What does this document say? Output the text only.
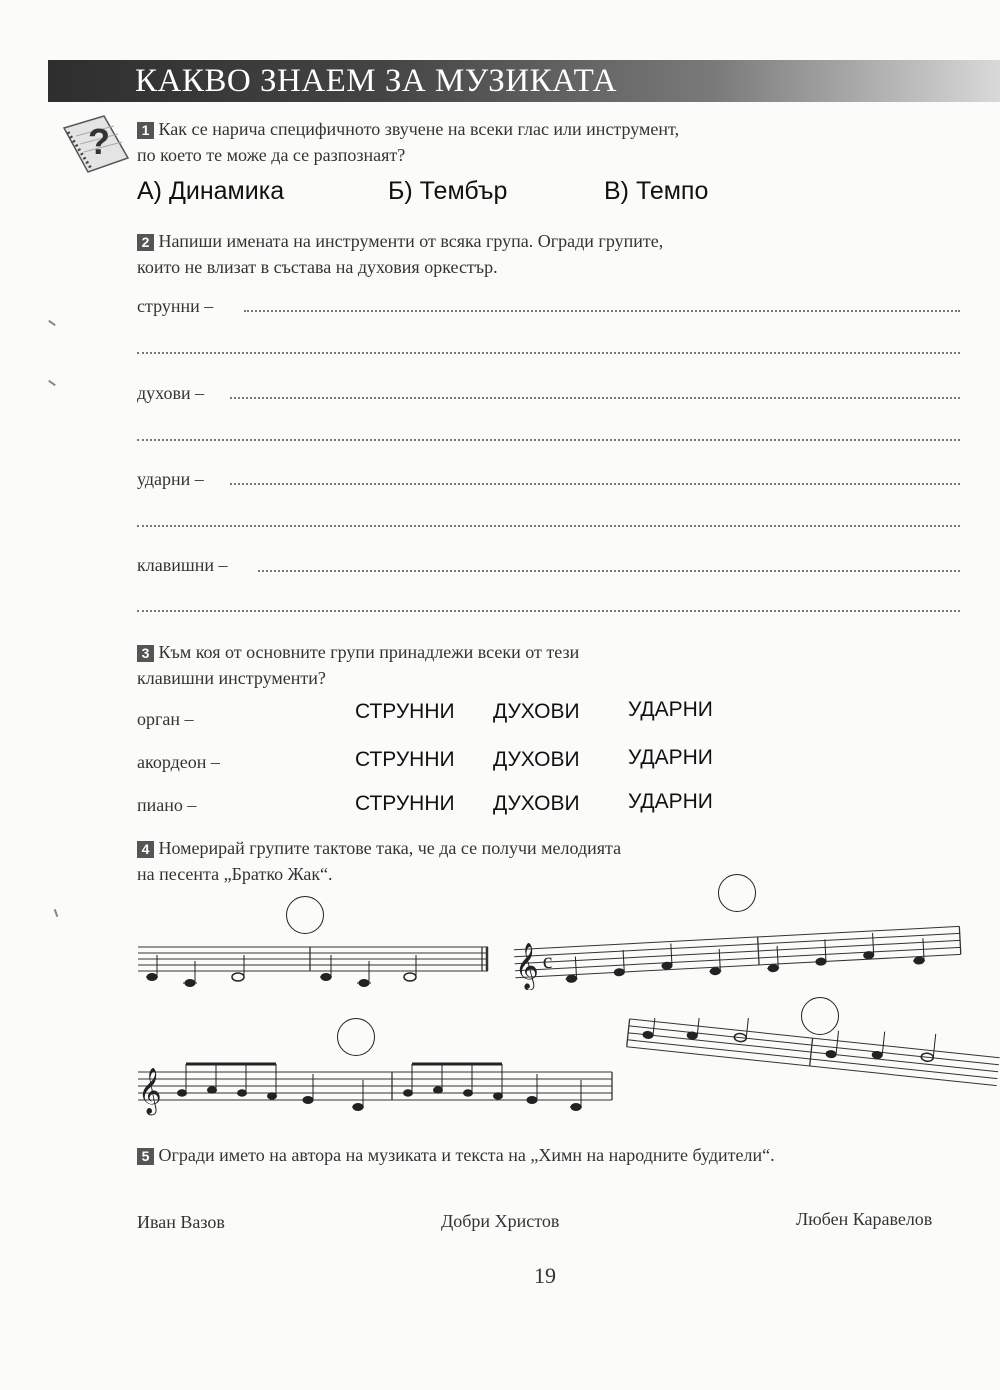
КАКВО ЗНАЕМ ЗА МУЗИКАТА
?	1 Как се нарича специфичното звучене на всеки глас или инструмент,
по което те може да се разпознаят?
А) Динамика	Б) Тембър	В) Темпо
2 Напиши имената на инструменти от всяка група. Огради групите,
които не влизат в състава на духовия оркестър.
струнни –
духови –
ударни –
клавишни –
3 Към коя от основните групи принадлежи всеки от тези
клавишни инструменти?
орган –	СТРУННИ ДУХОВИ УДАРНИ
акордеон –	СТРУННИ ДУХОВИ УДАРНИ
пиано –	СТРУННИ ДУХОВИ УДАРНИ
4 Номерирай групите тактове така, че да се получи мелодията
на песента „Братко Жак“.
𝄞 c
𝄞
5 Огради името на автора на музиката и текста на „Химн на народните будители“.
Иван Вазов	Добри Христов	Любен Каравелов
19
